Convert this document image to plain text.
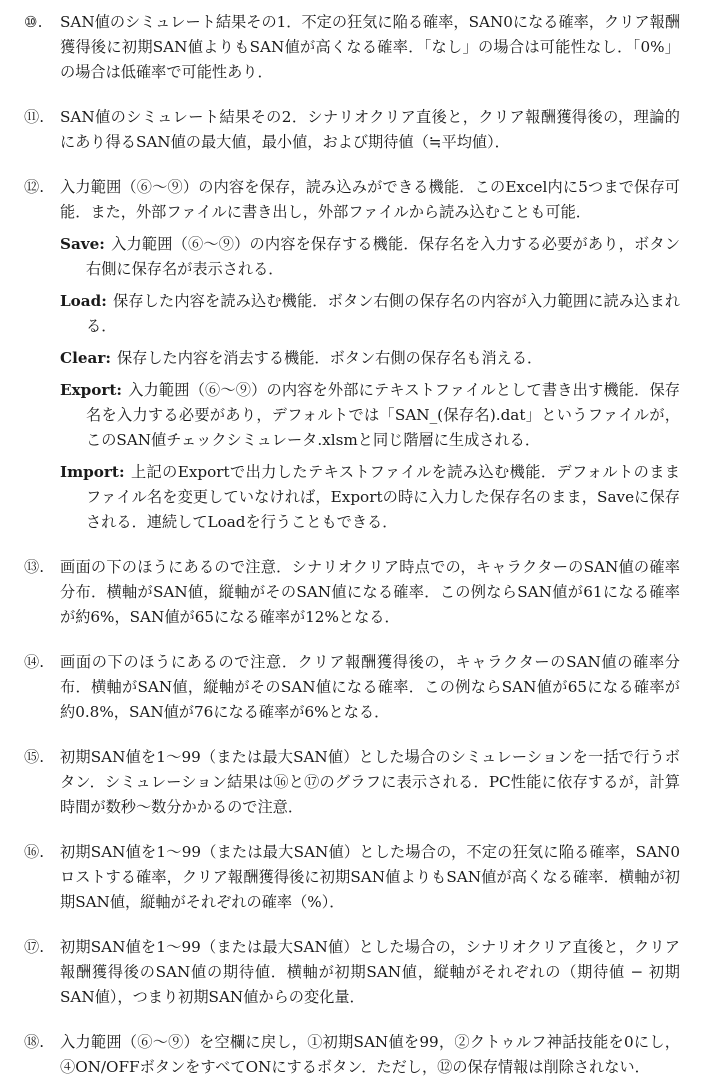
⑩.	SAN値のシミュレート結果その1．不定の狂気に陥る確率，SAN0になる確率，クリア報酬獲得後に初期SAN値よりもSAN値が高くなる確率．「なし」の場合は可能性なし．「0%」の場合は低確率で可能性あり．
⑪.	SAN値のシミュレート結果その2．シナリオクリア直後と，クリア報酬獲得後の，理論的にあり得るSAN値の最大値，最小値，および期待値（≒平均値）．
⑫.	入力範囲（⑥～⑨）の内容を保存，読み込みができる機能．このExcel内に5つまで保存可能．また，外部ファイルに書き出し，外部ファイルから読み込むことも可能．
Save: 入力範囲（⑥～⑨）の内容を保存する機能．保存名を入力する必要があり，ボタン右側に保存名が表示される．
Load: 保存した内容を読み込む機能．ボタン右側の保存名の内容が入力範囲に読み込まれる．
Clear: 保存した内容を消去する機能．ボタン右側の保存名も消える．
Export: 入力範囲（⑥～⑨）の内容を外部にテキストファイルとして書き出す機能．保存名を入力する必要があり，デフォルトでは「SAN_(保存名).dat」というファイルが，このSAN値チェックシミュレータ.xlsmと同じ階層に生成される．
Import: 上記のExportで出力したテキストファイルを読み込む機能．デフォルトのままファイル名を変更していなければ，Exportの時に入力した保存名のまま，Saveに保存される．連続してLoadを行うこともできる．
⑬.	画面の下のほうにあるので注意．シナリオクリア時点での，キャラクターのSAN値の確率分布．横軸がSAN値，縦軸がそのSAN値になる確率．この例ならSAN値が61になる確率が約6%，SAN値が65になる確率が12%となる．
⑭.	画面の下のほうにあるので注意．クリア報酬獲得後の，キャラクターのSAN値の確率分布．横軸がSAN値，縦軸がそのSAN値になる確率．この例ならSAN値が65になる確率が約0.8%，SAN値が76になる確率が6%となる．
⑮.	初期SAN値を1～99（または最大SAN値）とした場合のシミュレーションを一括で行うボタン．シミュレーション結果は⑯と⑰のグラフに表示される．PC性能に依存するが，計算時間が数秒～数分かかるので注意．
⑯.	初期SAN値を1～99（または最大SAN値）とした場合の，不定の狂気に陥る確率，SAN0ロストする確率，クリア報酬獲得後に初期SAN値よりもSAN値が高くなる確率．横軸が初期SAN値，縦軸がそれぞれの確率（%）．
⑰.	初期SAN値を1～99（または最大SAN値）とした場合の，シナリオクリア直後と，クリア報酬獲得後のSAN値の期待値．横軸が初期SAN値，縦軸がそれぞれの（期待値 − 初期SAN値），つまり初期SAN値からの変化量．
⑱.	入力範囲（⑥～⑨）を空欄に戻し，①初期SAN値を99，②クトゥルフ神話技能を0にし，④ON/OFFボタンをすべてONにするボタン．ただし，⑫の保存情報は削除されない．
